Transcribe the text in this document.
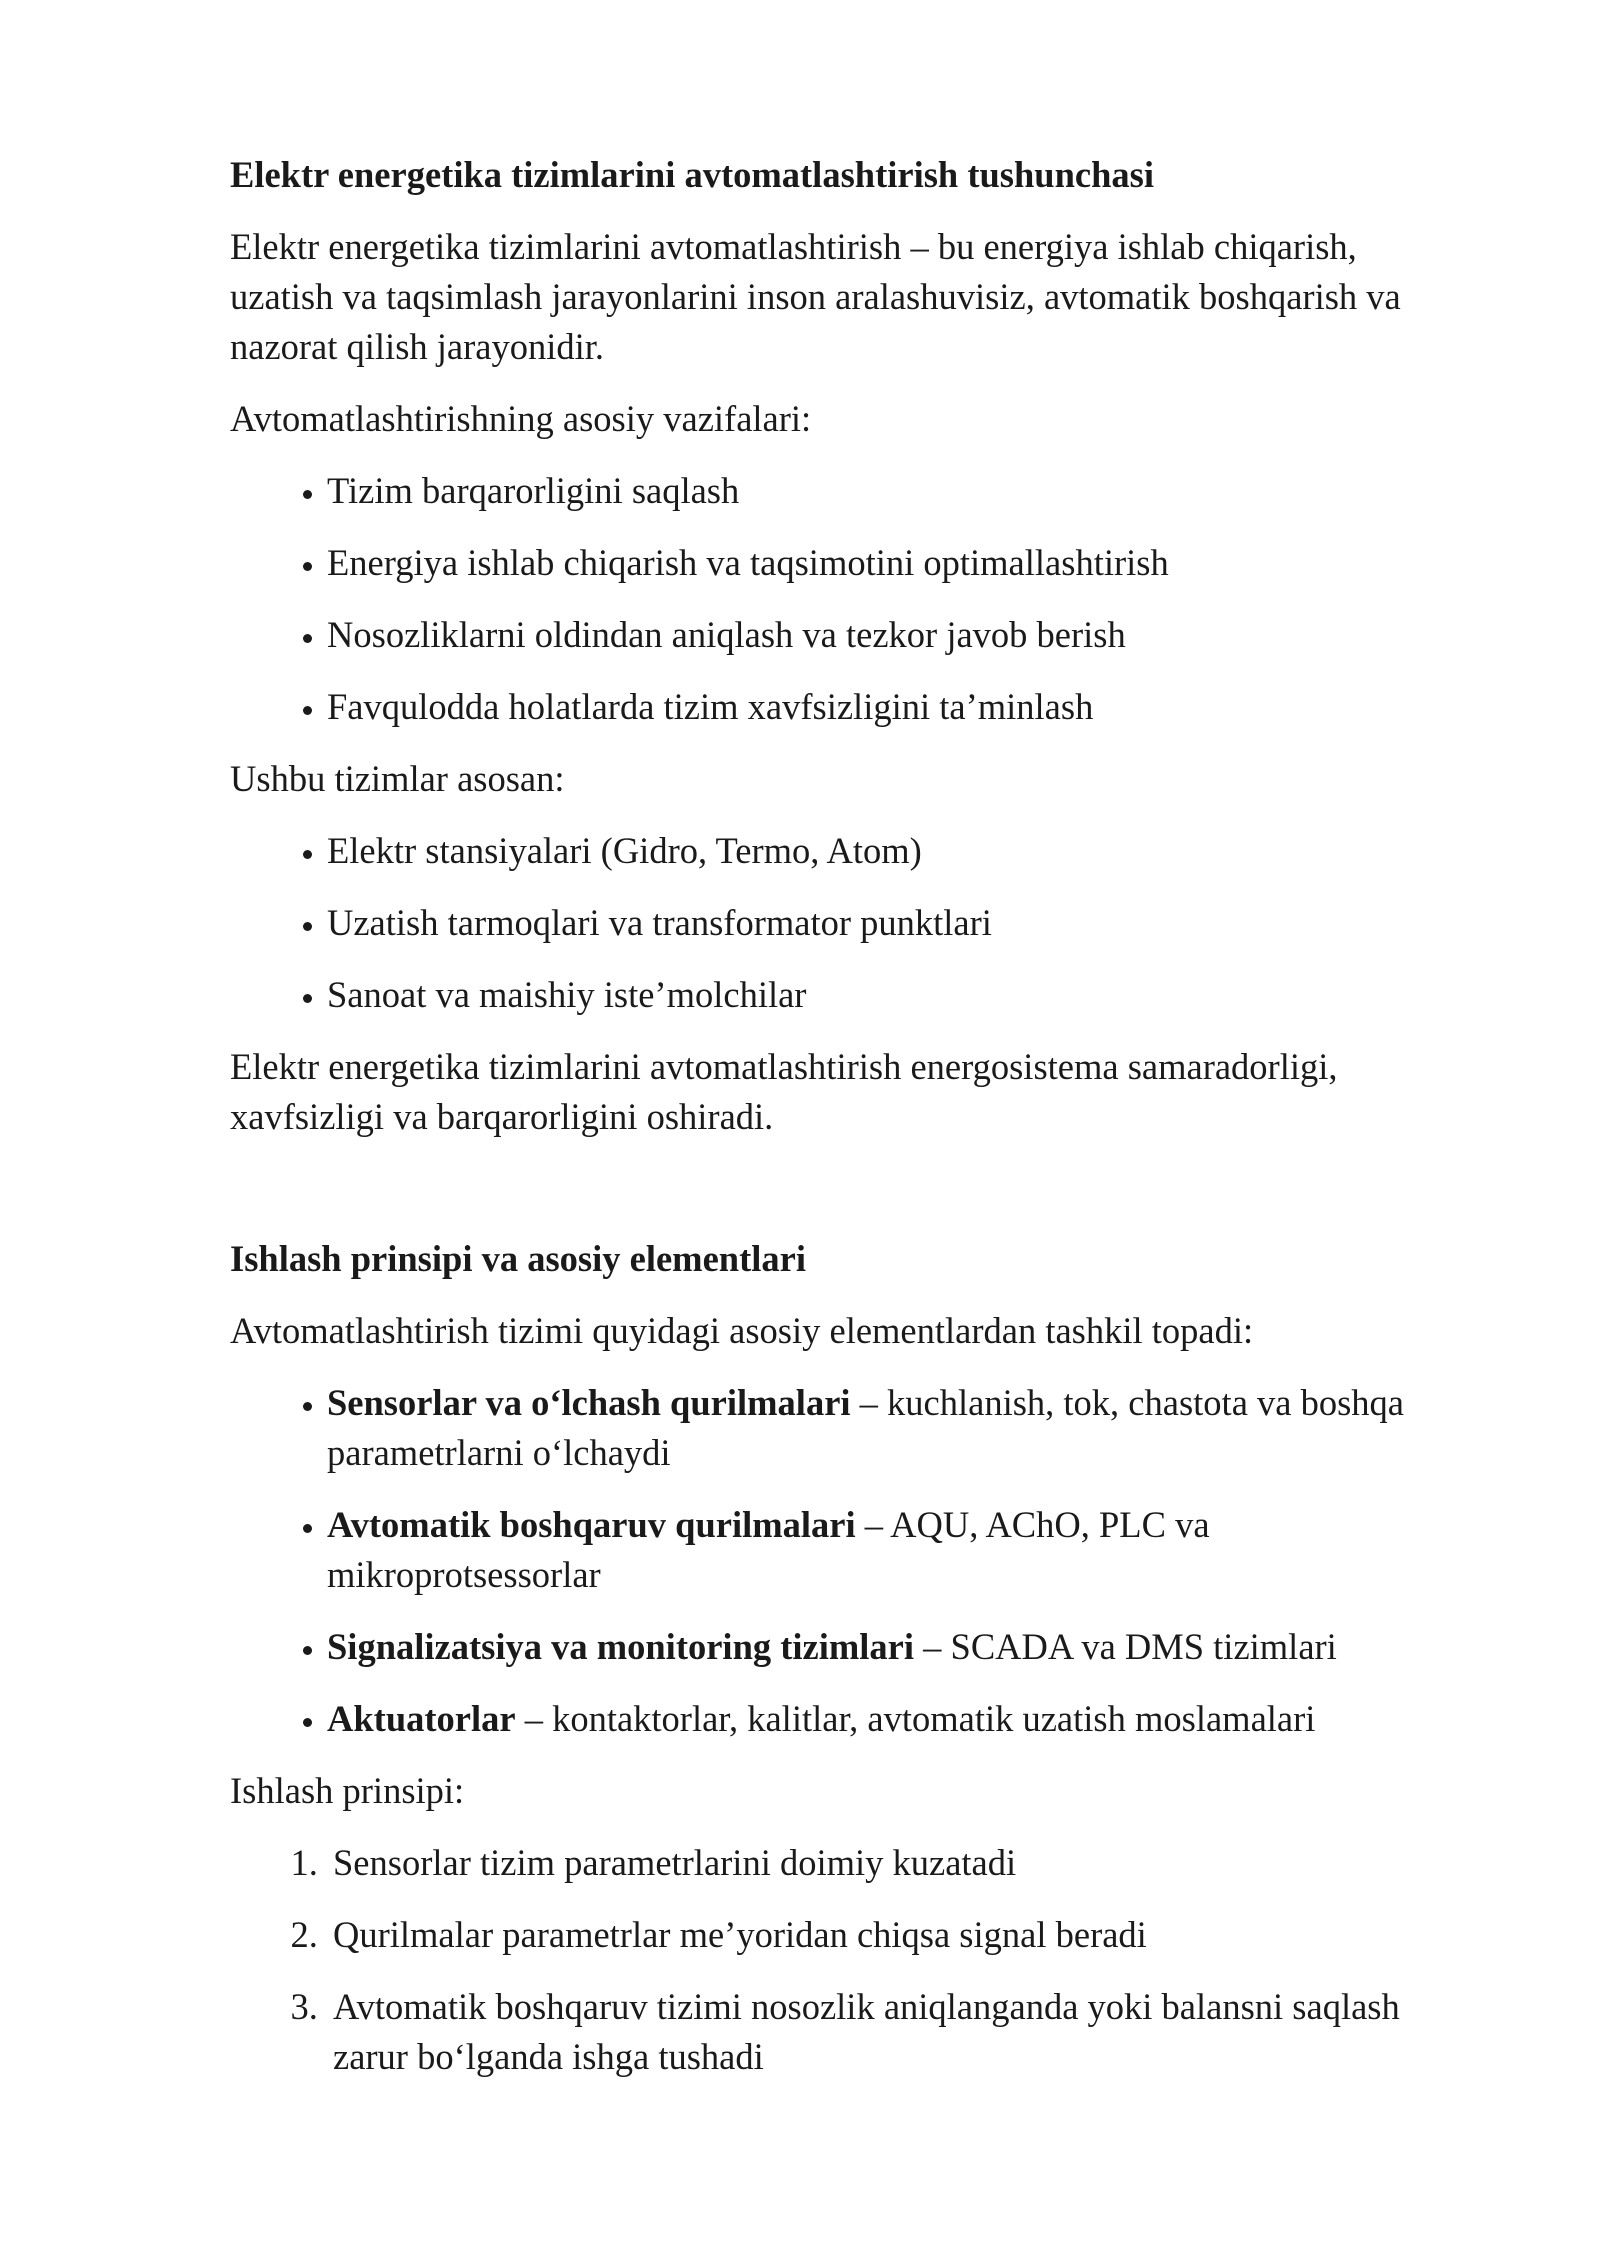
Elektr energetika tizimlarini avtomatlashtirish tushunchasi

Elektr energetika tizimlarini avtomatlashtirish – bu energiya ishlab chiqarish, uzatish va taqsimlash jarayonlarini inson aralashuvisiz, avtomatik boshqarish va nazorat qilish jarayonidir.

Avtomatlashtirishning asosiy vazifalari:

• Tizim barqarorligini saqlash
• Energiya ishlab chiqarish va taqsimotini optimallashtirish
• Nosozliklarni oldindan aniqlash va tezkor javob berish
• Favqulodda holatlarda tizim xavfsizligini ta’minlash

Ushbu tizimlar asosan:

• Elektr stansiyalari (Gidro, Termo, Atom)
• Uzatish tarmoqlari va transformator punktlari
• Sanoat va maishiy iste’molchilar

Elektr energetika tizimlarini avtomatlashtirish energosistema samaradorligi, xavfsizligi va barqarorligini oshiradi.

Ishlash prinsipi va asosiy elementlari

Avtomatlashtirish tizimi quyidagi asosiy elementlardan tashkil topadi:

• Sensorlar va o‘lchash qurilmalari – kuchlanish, tok, chastota va boshqa parametrlarni o‘lchaydi
• Avtomatik boshqaruv qurilmalari – AQU, AChO, PLC va mikroprotsessorlar
• Signalizatsiya va monitoring tizimlari – SCADA va DMS tizimlari
• Aktuatorlar – kontaktorlar, kalitlar, avtomatik uzatish moslamalari

Ishlash prinsipi:

1. Sensorlar tizim parametrlarini doimiy kuzatadi
2. Qurilmalar parametrlar me’yoridan chiqsa signal beradi
3. Avtomatik boshqaruv tizimi nosozlik aniqlanganda yoki balansni saqlash zarur bo‘lganda ishga tushadi
